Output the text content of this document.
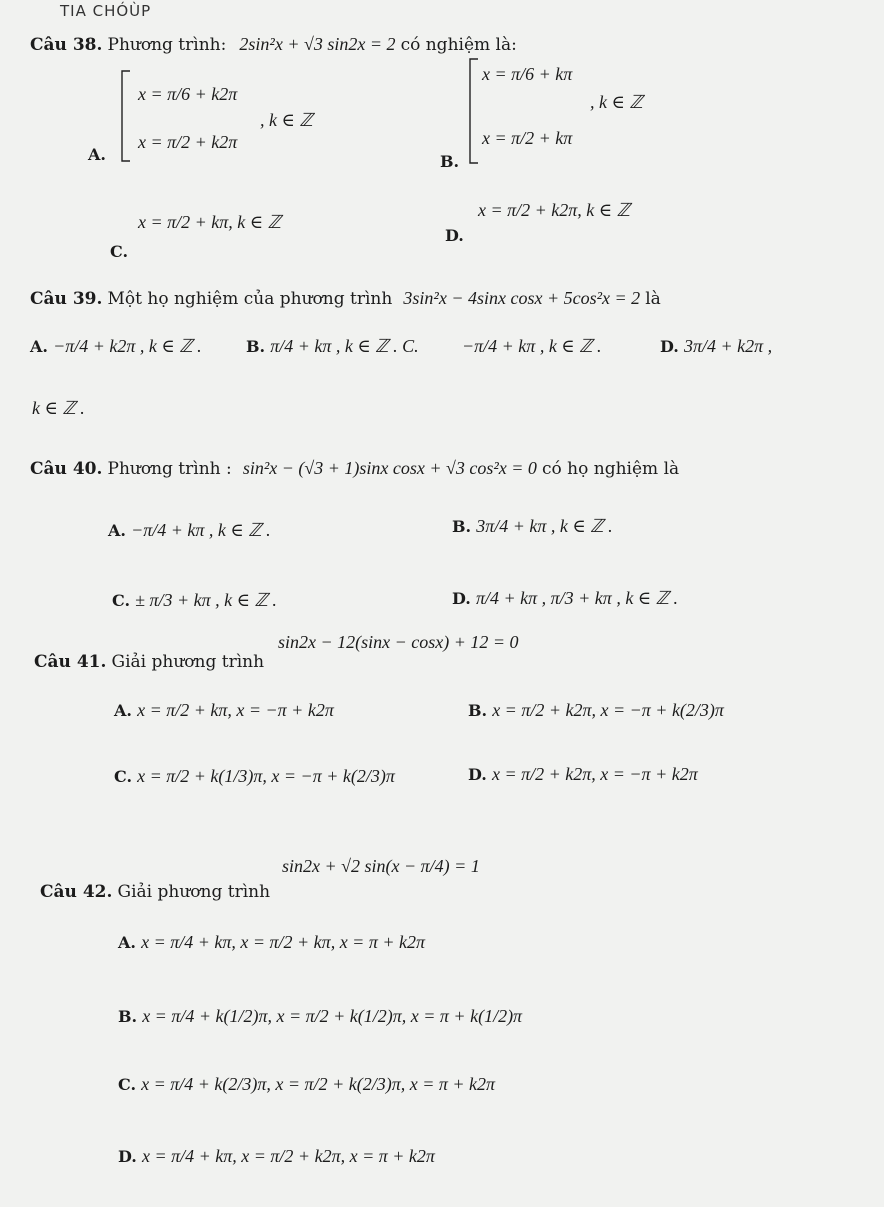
TIA CHÓÙP
Câu 38. Phương trình: 2sin²x + √3 sin2x = 2 có nghiệm là:
A.
x = π/6 + k2π
x = π/2 + k2π
, k ∈ ℤ
B.
x = π/6 + kπ
x = π/2 + kπ
, k ∈ ℤ
C.
x = π/2 + kπ, k ∈ ℤ
D.
x = π/2 + k2π, k ∈ ℤ
Câu 39. Một họ nghiệm của phương trình 3sin²x − 4sinx cosx + 5cos²x = 2 là
A. −π/4 + k2π , k ∈ ℤ .	B. π/4 + kπ , k ∈ ℤ . C. −π/4 + kπ , k ∈ ℤ .	D. 3π/4 + k2π ,
k ∈ ℤ .
Câu 40. Phương trình : sin²x − (√3 + 1)sinx cosx + √3 cos²x = 0 có họ nghiệm là
A. −π/4 + kπ , k ∈ ℤ .	B. 3π/4 + kπ , k ∈ ℤ .
C. ± π/3 + kπ , k ∈ ℤ .	D. π/4 + kπ , π/3 + kπ , k ∈ ℤ .
Câu 41. Giải phương trình
sin2x − 12(sinx − cosx) + 12 = 0
A. x = π/2 + kπ, x = −π + k2π	B. x = π/2 + k2π, x = −π + k(2/3)π
C. x = π/2 + k(1/3)π, x = −π + k(2/3)π	D. x = π/2 + k2π, x = −π + k2π
sin2x + √2 sin(x − π/4) = 1
Câu 42. Giải phương trình
A. x = π/4 + kπ, x = π/2 + kπ, x = π + k2π
B. x = π/4 + k(1/2)π, x = π/2 + k(1/2)π, x = π + k(1/2)π
C. x = π/4 + k(2/3)π, x = π/2 + k(2/3)π, x = π + k2π
D. x = π/4 + kπ, x = π/2 + k2π, x = π + k2π
